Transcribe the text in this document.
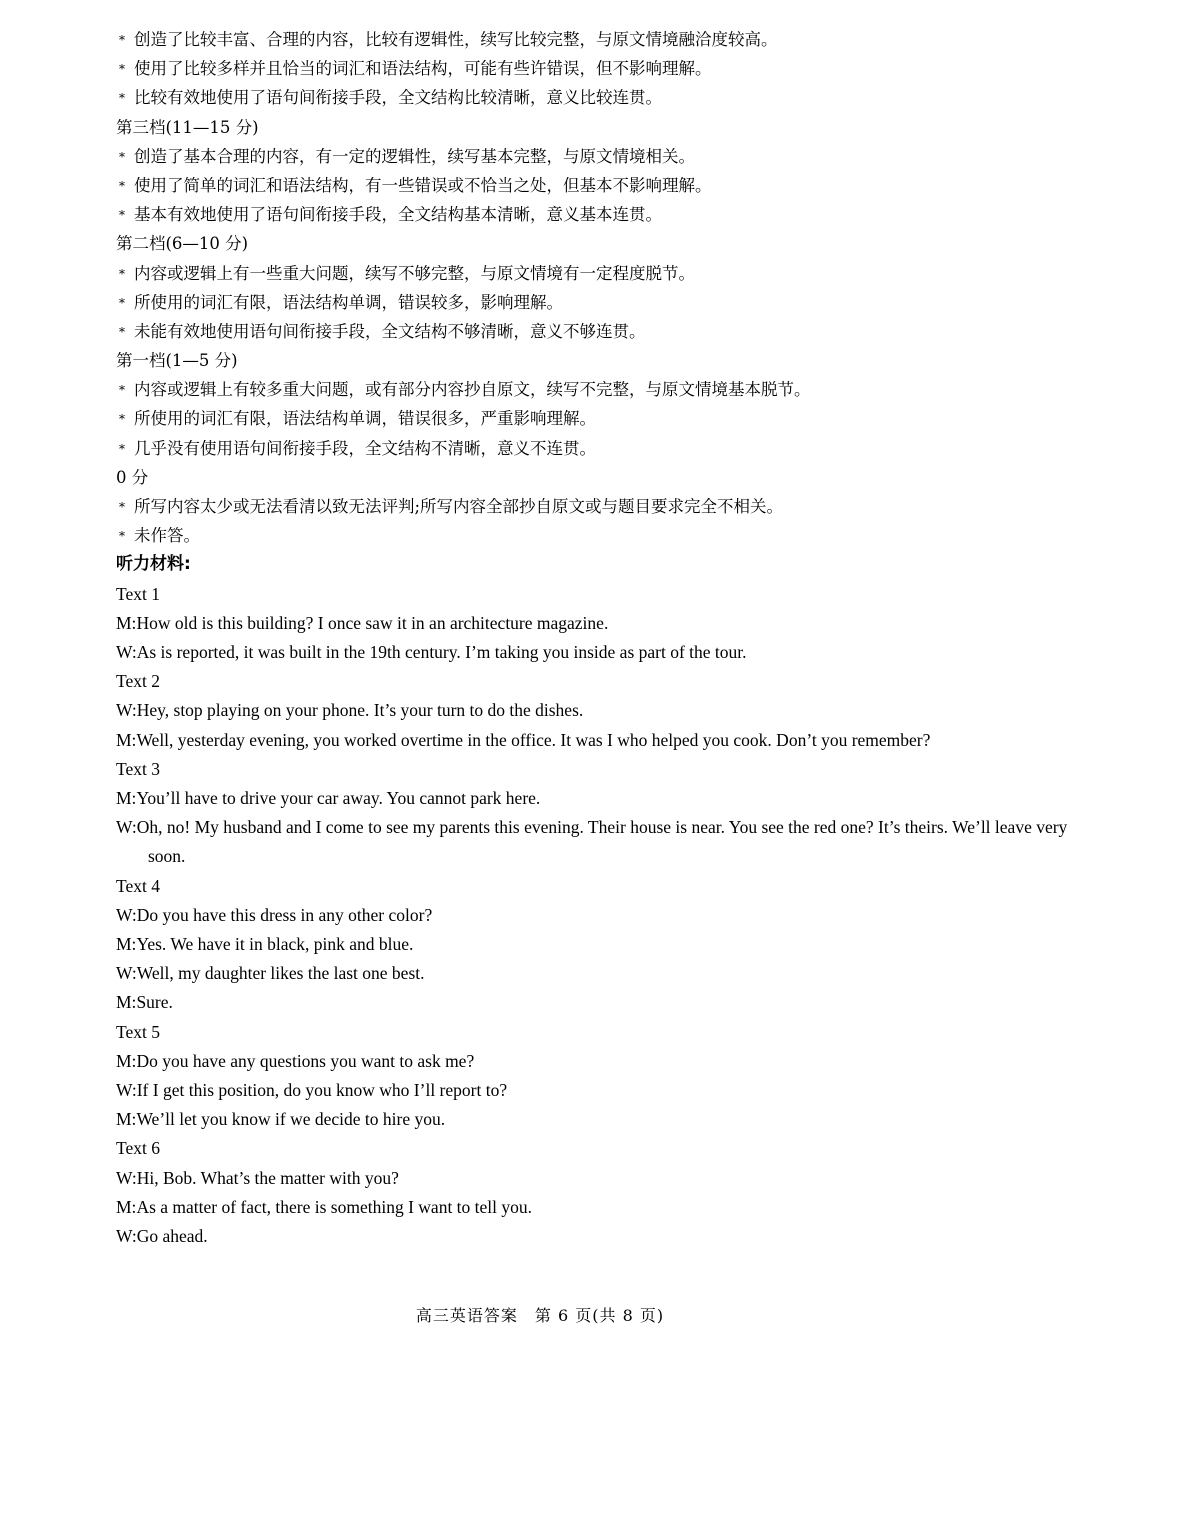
* 创造了比较丰富、合理的内容，比较有逻辑性，续写比较完整，与原文情境融洽度较高。
* 使用了比较多样并且恰当的词汇和语法结构，可能有些许错误，但不影响理解。
* 比较有效地使用了语句间衔接手段，全文结构比较清晰，意义比较连贯。
第三档(11—15 分)
* 创造了基本合理的内容，有一定的逻辑性，续写基本完整，与原文情境相关。
* 使用了简单的词汇和语法结构，有一些错误或不恰当之处，但基本不影响理解。
* 基本有效地使用了语句间衔接手段，全文结构基本清晰，意义基本连贯。
第二档(6—10 分)
* 内容或逻辑上有一些重大问题，续写不够完整，与原文情境有一定程度脱节。
* 所使用的词汇有限，语法结构单调，错误较多，影响理解。
* 未能有效地使用语句间衔接手段，全文结构不够清晰，意义不够连贯。
第一档(1—5 分)
* 内容或逻辑上有较多重大问题，或有部分内容抄自原文，续写不完整，与原文情境基本脱节。
* 所使用的词汇有限，语法结构单调，错误很多，严重影响理解。
* 几乎没有使用语句间衔接手段，全文结构不清晰，意义不连贯。
0 分
* 所写内容太少或无法看清以致无法评判;所写内容全部抄自原文或与题目要求完全不相关。
* 未作答。
听力材料:
Text 1
M:How old is this building? I once saw it in an architecture magazine.
W:As is reported, it was built in the 19th century. I’m taking you inside as part of the tour.
Text 2
W:Hey, stop playing on your phone. It’s your turn to do the dishes.
M:Well, yesterday evening, you worked overtime in the office. It was I who helped you cook. Don’t you remember?
Text 3
M:You’ll have to drive your car away. You cannot park here.
W:Oh, no! My husband and I come to see my parents this evening. Their house is near. You see the red one? It’s theirs. We’ll leave very soon.
Text 4
W:Do you have this dress in any other color?
M:Yes. We have it in black, pink and blue.
W:Well, my daughter likes the last one best.
M:Sure.
Text 5
M:Do you have any questions you want to ask me?
W:If I get this position, do you know who I’ll report to?
M:We’ll let you know if we decide to hire you.
Text 6
W:Hi, Bob. What’s the matter with you?
M:As a matter of fact, there is something I want to tell you.
W:Go ahead.
高三英语答案　第 6 页(共 8 页)
